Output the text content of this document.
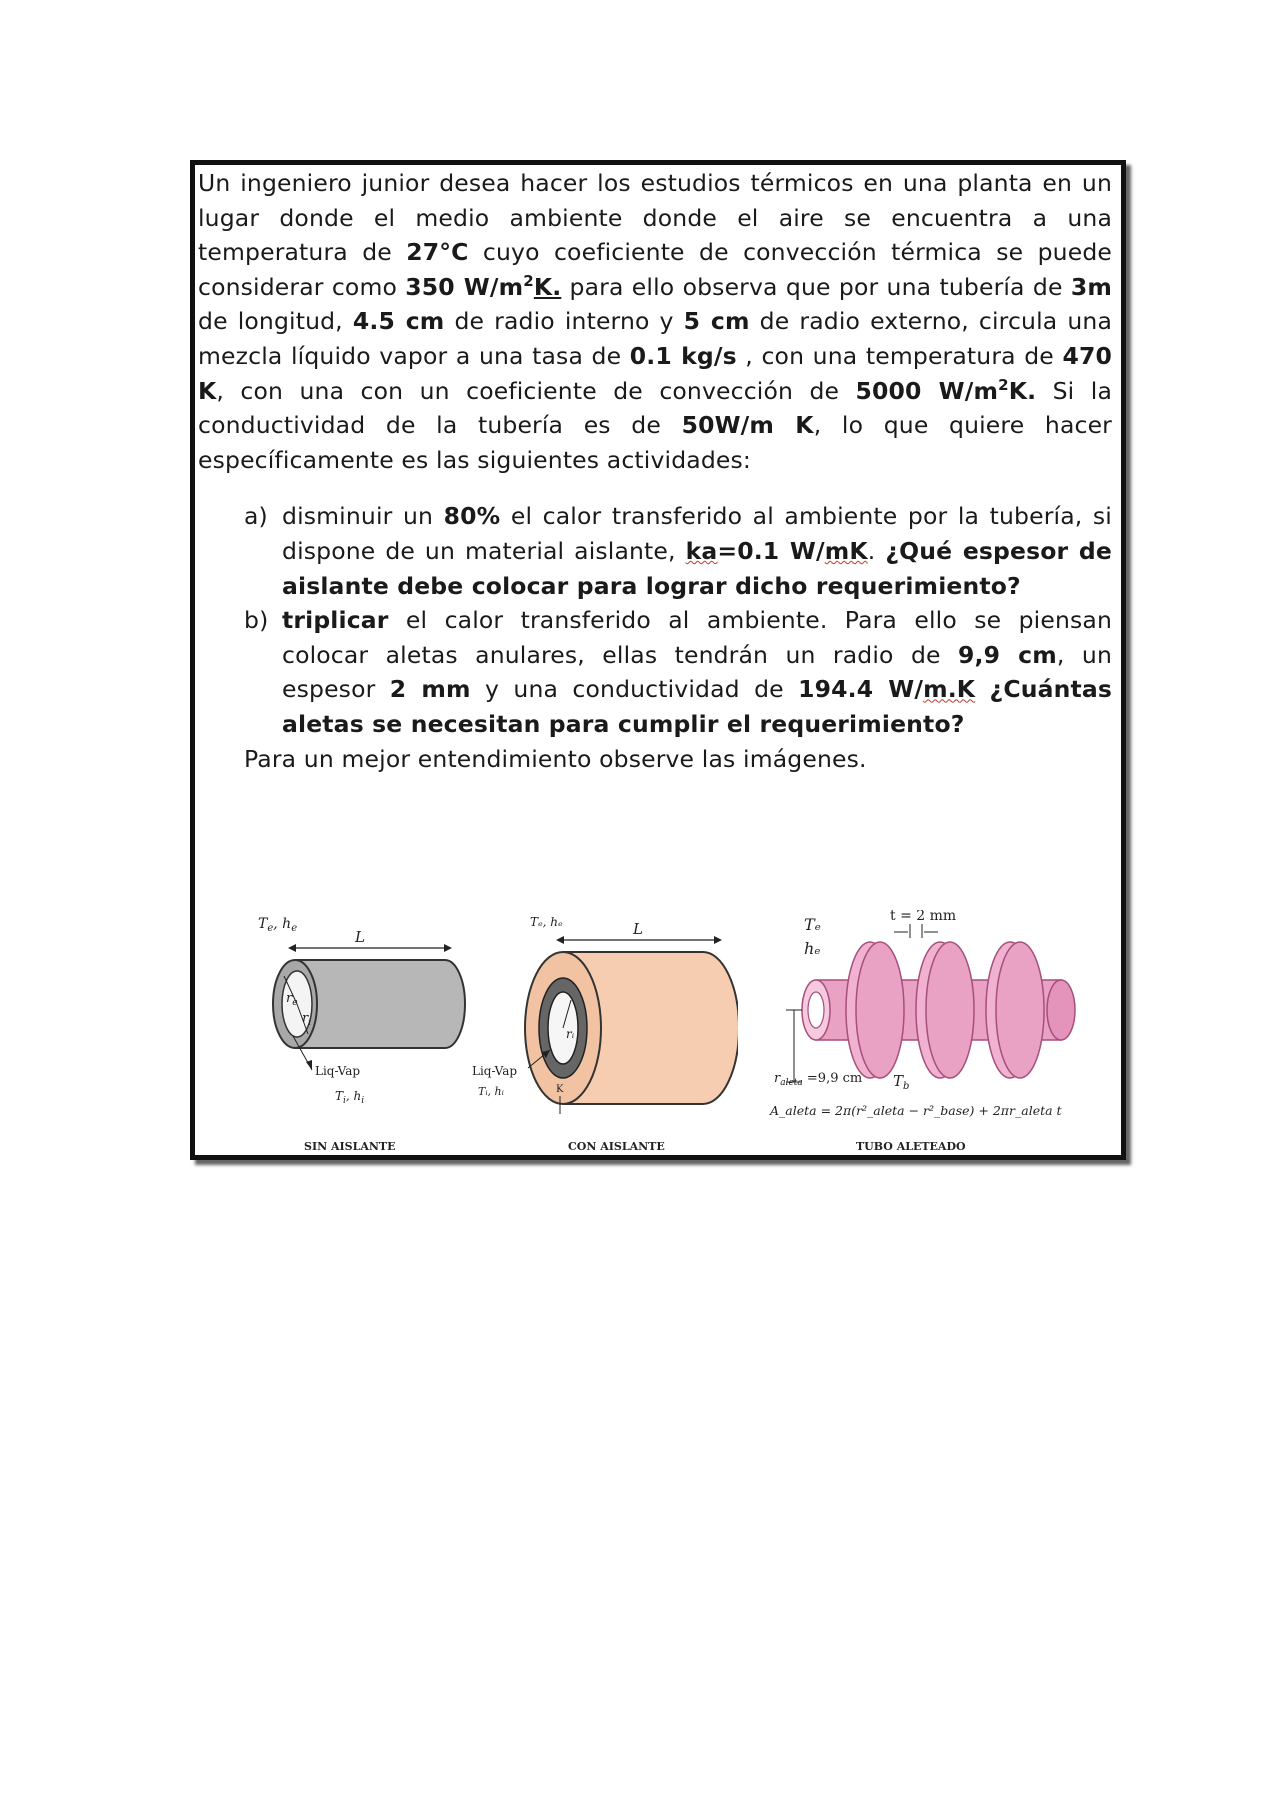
Un ingeniero junior desea hacer los estudios térmicos en una planta en un lugar donde el medio ambiente donde el aire se encuentra a una temperatura de 27°C cuyo coeficiente de convección térmica se puede considerar como 350 $W/m^2K$. para ello observa que por una tubería de 3m de longitud, 4.5 cm de radio interno y 5 cm de radio externo, circula una mezcla líquido vapor a una tasa de 0.1 kg/s , con una temperatura de 470 K, con una con un coeficiente de convección de 5000 $W/m^2K$. Si la conductividad de la tubería es de 50W/m K, lo que quiere hacer específicamente es las siguientes actividades:

a) disminuir un 80% el calor transferido al ambiente por la tubería, si dispone de un material aislante, ka=0.1 W/mK. ¿Qué espesor de aislante debe colocar para lograr dicho requerimiento?
b) triplicar el calor transferido al ambiente. Para ello se piensan colocar aletas anulares, ellas tendrán un radio de 9,9 cm, un espesor 2 mm y una conductividad de 194.4 W/m.K ¿Cuántas aletas se necesitan para cumplir el requerimiento?

Para un mejor entendimiento observe las imágenes.

$T_e$, $h_e$	L
$r_e$
$r_i$
Liq-Vap
$T_i$, $h_i$
SIN AISLANTE
Tₑ, hₑ	L
rᵢ
Liq-Vap
Tᵢ, hᵢ	K
CON AISLANTE
Tₑ
hₑ
t = 2 mm
$r_{aleta} =9,9$ cm $T_b$
A_aleta = 2π(r²_aleta − r²_base) + 2πr_aleta t
TUBO ALETEADO
